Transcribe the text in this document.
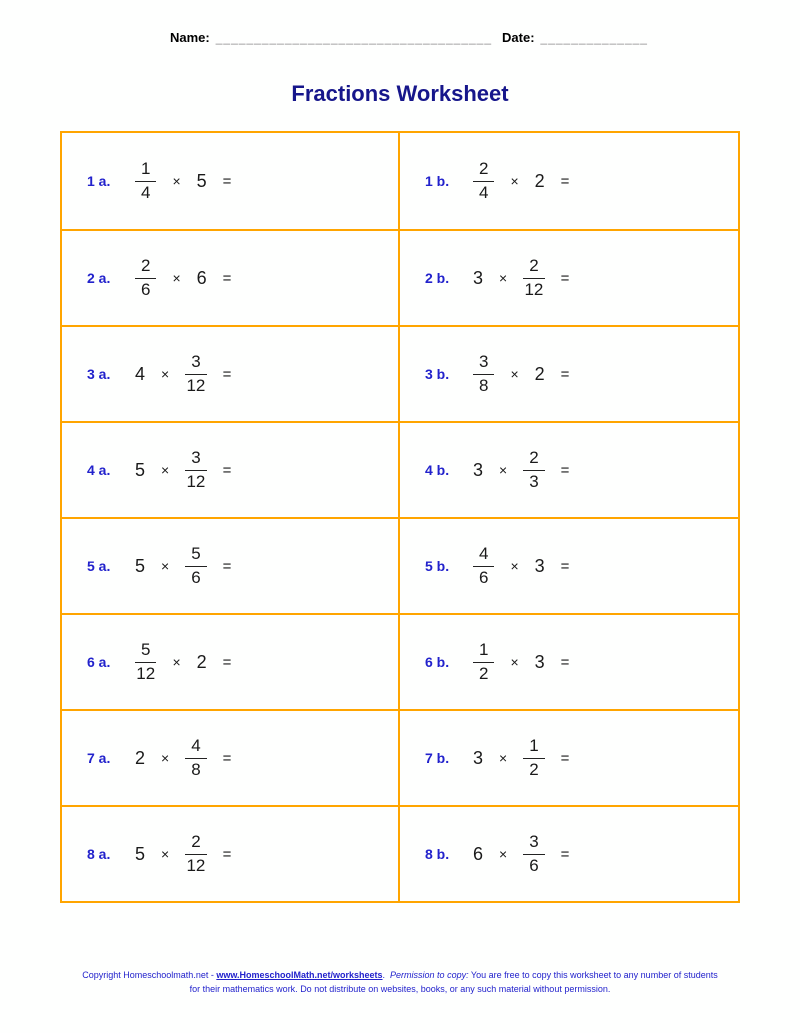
Name: ____________________________________ Date: ______________
Fractions Worksheet
1 a.	$\frac{1}{4} \times 5$ =	1 b.	$\frac{2}{4} \times 2$ =
2 a.	$\frac{2}{6} \times 6$ =	2 b.	$3 \times \frac{2}{12}$ =
3 a.	$4 \times \frac{3}{12}$ =	3 b.	$\frac{3}{8} \times 2$ =
4 a.	$5 \times \frac{3}{12}$ =	4 b.	$3 \times \frac{2}{3}$ =
5 a.	$5 \times \frac{5}{6}$ =	5 b.	$\frac{4}{6} \times 3$ =
6 a.	$\frac{5}{12} \times 2$ =	6 b.	$\frac{1}{2} \times 3$ =
7 a.	$2 \times \frac{4}{8}$ =	7 b.	$3 \times \frac{1}{2}$ =
8 a.	$5 \times \frac{2}{12}$ =	8 b.	$6 \times \frac{3}{6}$ =
Copyright Homeschoolmath.net - www.HomeschoolMath.net/worksheets.  Permission to copy: You are free to copy this worksheet to any number of students for their mathematics work. Do not distribute on websites, books, or any such material without permission.
